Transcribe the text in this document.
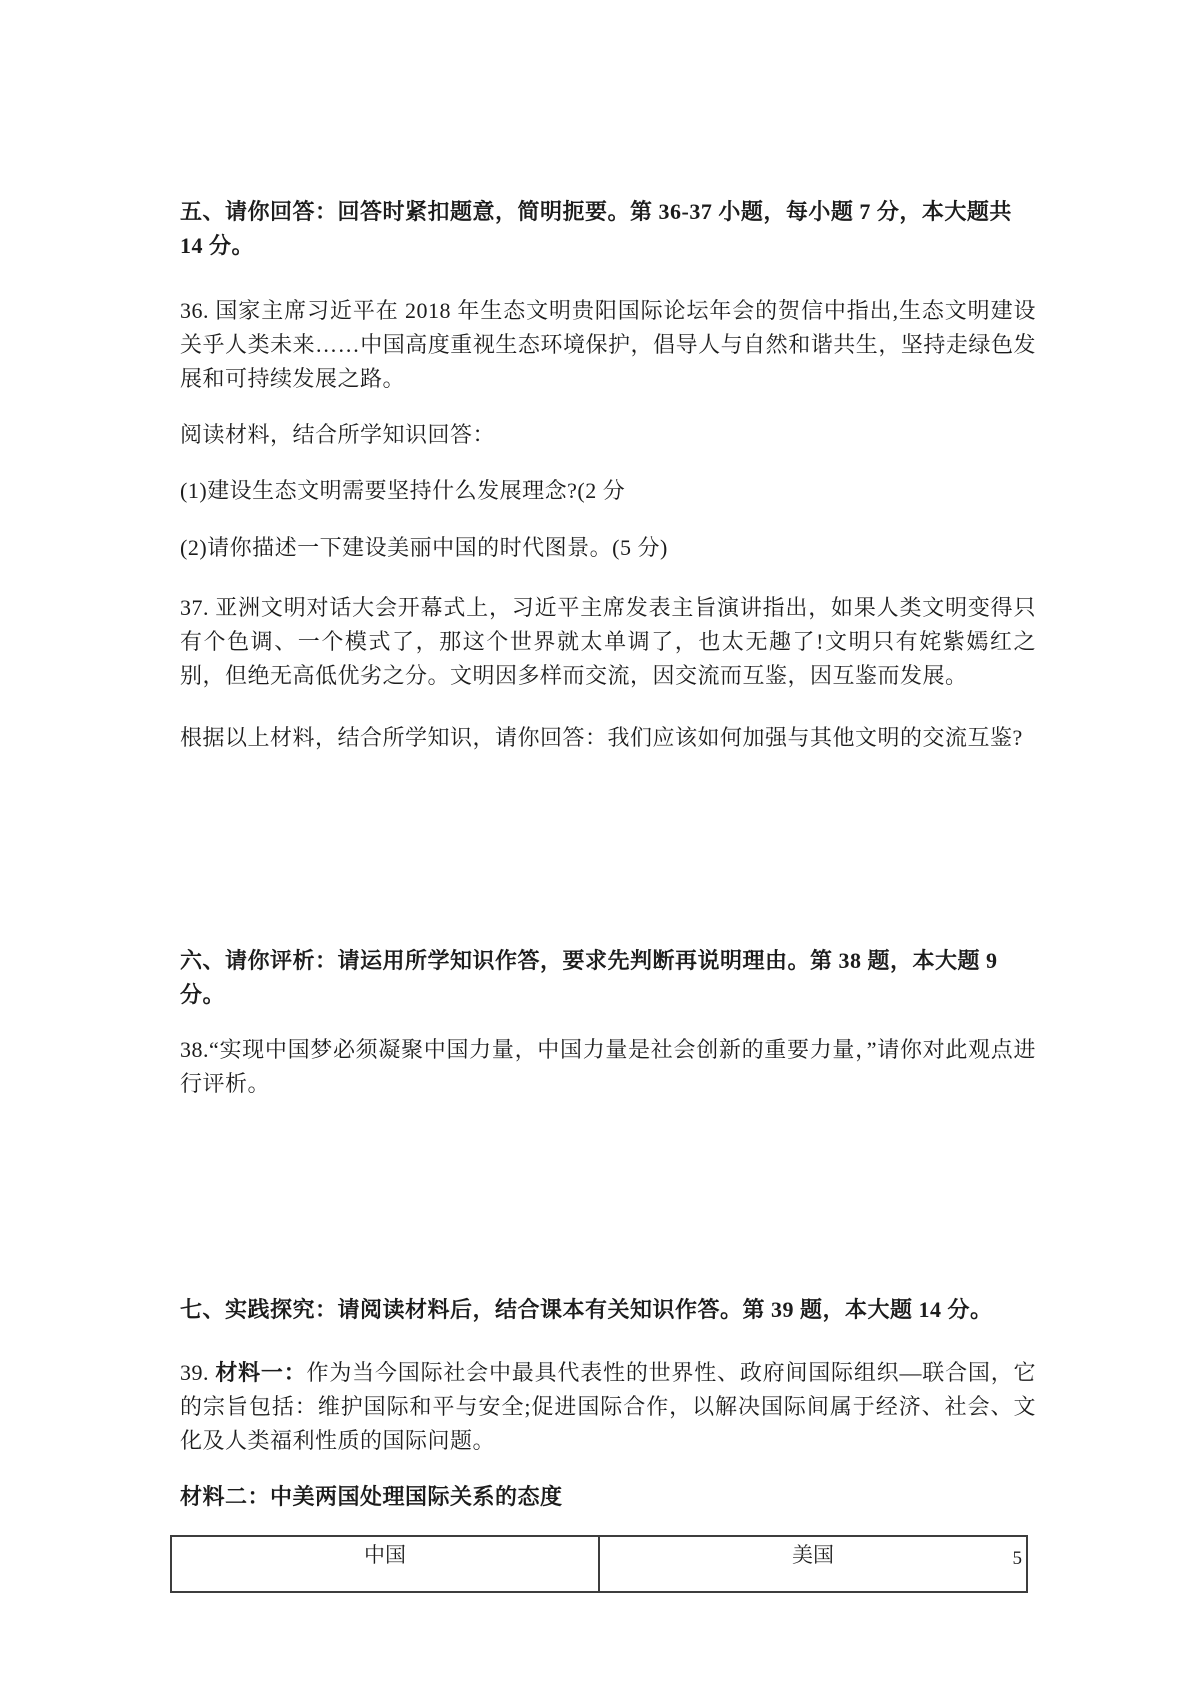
五、请你回答：回答时紧扣题意，简明扼要。第 36-37 小题，每小题 7 分，本大题共 14 分。

36. 国家主席习近平在 2018 年生态文明贵阳国际论坛年会的贺信中指出,生态文明建设关乎人类未来……中国高度重视生态环境保护，倡导人与自然和谐共生，坚持走绿色发展和可持续发展之路。

阅读材料，结合所学知识回答：

(1)建设生态文明需要坚持什么发展理念?(2 分

(2)请你描述一下建设美丽中国的时代图景。(5 分)

37. 亚洲文明对话大会开幕式上，习近平主席发表主旨演讲指出，如果人类文明变得只有个色调、一个模式了，那这个世界就太单调了，也太无趣了!文明只有姹紫嫣红之别，但绝无高低优劣之分。文明因多样而交流，因交流而互鉴，因互鉴而发展。

根据以上材料，结合所学知识，请你回答：我们应该如何加强与其他文明的交流互鉴?

六、请你评析：请运用所学知识作答，要求先判断再说明理由。第 38 题，本大题 9 分。

38.“实现中国梦必须凝聚中国力量，中国力量是社会创新的重要力量，”请你对此观点进行评析。

七、实践探究：请阅读材料后，结合课本有关知识作答。第 39 题，本大题 14 分。

39. 材料一：作为当今国际社会中最具代表性的世界性、政府间国际组织—联合国，它的宗旨包括：维护国际和平与安全;促进国际合作，以解决国际间属于经济、社会、文化及人类福利性质的国际问题。

材料二：中美两国处理国际关系的态度

中国	美国	5
